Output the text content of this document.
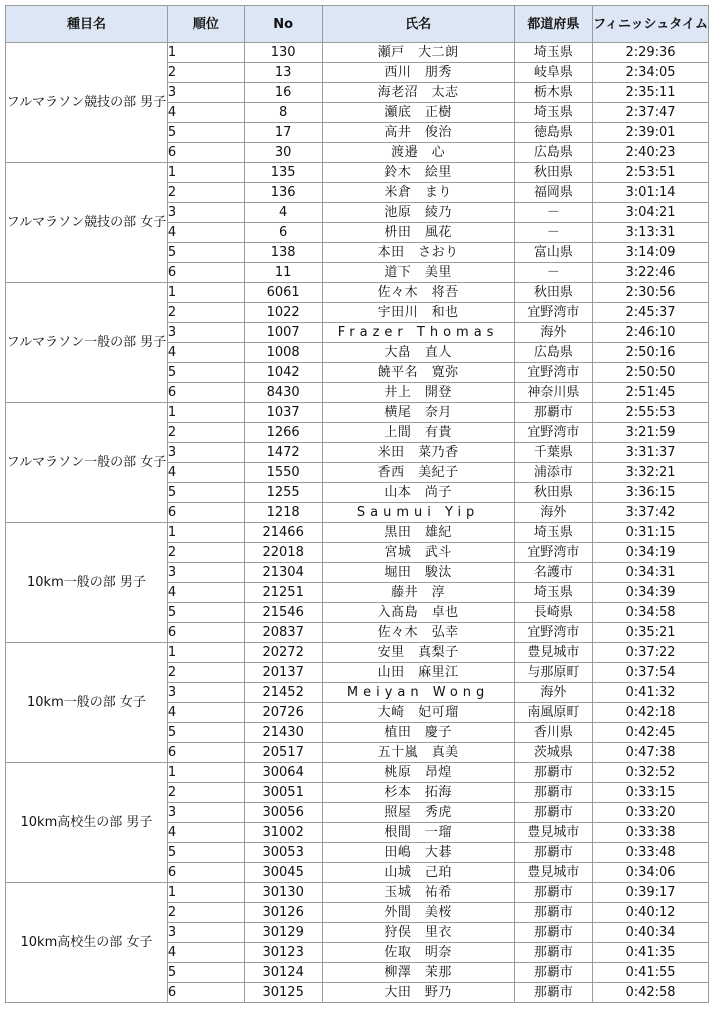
種目名	順位	No	氏名	都道府県	フィニッシュタイム
フルマラソン競技の部 男子	1	130	瀬戸　大二朗	埼玉県	2:29:36
	2	13	西川　朋秀	岐阜県	2:34:05
	3	16	海老沼　太志	栃木県	2:35:11
	4	8	瀬底　正樹	埼玉県	2:37:47
	5	17	高井　俊治	徳島県	2:39:01
	6	30	渡邉　心	広島県	2:40:23
フルマラソン競技の部 女子	1	135	鈴木　絵里	秋田県	2:53:51
	2	136	米倉　まり	福岡県	3:01:14
	3	4	池原　綾乃	－	3:04:21
	4	6	枡田　風花	－	3:13:31
	5	138	本田　さおり	富山県	3:14:09
	6	11	道下　美里	－	3:22:46
フルマラソン一般の部 男子	1	6061	佐々木　将吾	秋田県	2:30:56
	2	1022	宇田川　和也	宜野湾市	2:45:37
	3	1007	Frazer Thomas	海外	2:46:10
	4	1008	大畠　直人	広島県	2:50:16
	5	1042	饒平名　寛弥	宜野湾市	2:50:50
	6	8430	井上　開登	神奈川県	2:51:45
フルマラソン一般の部 女子	1	1037	横尾　奈月	那覇市	2:55:53
	2	1266	上間　有貴	宜野湾市	3:21:59
	3	1472	米田　菜乃香	千葉県	3:31:37
	4	1550	香西　美紀子	浦添市	3:32:21
	5	1255	山本　尚子	秋田県	3:36:15
	6	1218	Saumui Yip	海外	3:37:42
10km一般の部 男子	1	21466	黒田　雄紀	埼玉県	0:31:15
	2	22018	宮城　武斗	宜野湾市	0:34:19
	3	21304	堀田　駿汰	名護市	0:34:31
	4	21251	藤井　淳	埼玉県	0:34:39
	5	21546	入髙島　卓也	長崎県	0:34:58
	6	20837	佐々木　弘幸	宜野湾市	0:35:21
10km一般の部 女子	1	20272	安里　真梨子	豊見城市	0:37:22
	2	20137	山田　麻里江	与那原町	0:37:54
	3	21452	Meiyan Wong	海外	0:41:32
	4	20726	大崎　妃可瑠	南風原町	0:42:18
	5	21430	植田　慶子	香川県	0:42:45
	6	20517	五十嵐　真美	茨城県	0:47:38
10km高校生の部 男子	1	30064	桃原　昂煌	那覇市	0:32:52
	2	30051	杉本　拓海	那覇市	0:33:15
	3	30056	照屋　秀虎	那覇市	0:33:20
	4	31002	根間　一瑠	豊見城市	0:33:38
	5	30053	田嶋　大碁	那覇市	0:33:48
	6	30045	山城　己珀	豊見城市	0:34:06
10km高校生の部 女子	1	30130	玉城　祐希	那覇市	0:39:17
	2	30126	外間　美桜	那覇市	0:40:12
	3	30129	狩俣　里衣	那覇市	0:40:34
	4	30123	佐取　明奈	那覇市	0:41:35
	5	30124	柳澤　茉那	那覇市	0:41:55
	6	30125	大田　野乃	那覇市	0:42:58
